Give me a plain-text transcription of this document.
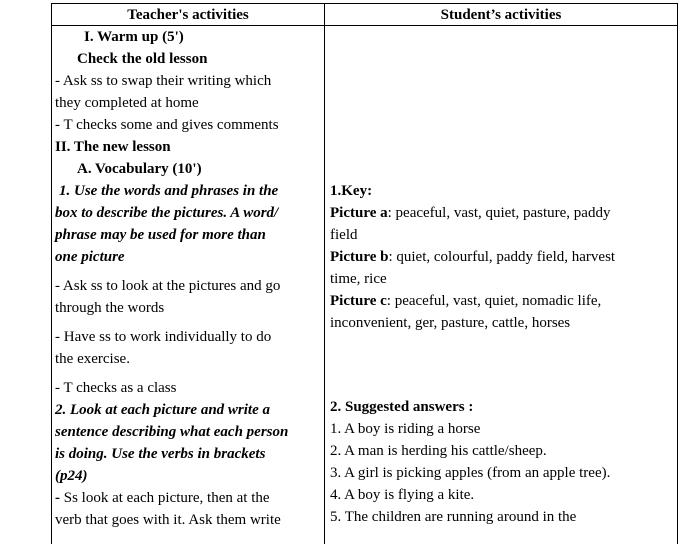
Teacher's activities	Student’s activities

I. Warm up (5')

Check the old lesson

- Ask ss to swap their writing which

they completed at home

- T checks some and gives comments

II. The new lesson

A. Vocabulary (10')

1. Use the words and phrases in the

box to describe the pictures. A word/

phrase may be used for more than

one picture

- Ask ss to look at the pictures and go

through the words

- Have ss to work individually to do

the exercise.

- T checks as a class

2. Look at each picture and write a

sentence describing what each person

is doing. Use the verbs in brackets

(p24)

- Ss look at each picture, then at the

verb that goes with it. Ask them write

1.Key:

Picture a: peaceful, vast, quiet, pasture, paddy

field

Picture b: quiet, colourful, paddy field, harvest

time, rice

Picture c: peaceful, vast, quiet, nomadic life,

inconvenient, ger, pasture, cattle, horses

2. Suggested answers :

1. A boy is riding a horse

2. A man is herding his cattle/sheep.

3. A girl is picking apples (from an apple tree).

4. A boy is flying a kite.

5. The children are running around in the
